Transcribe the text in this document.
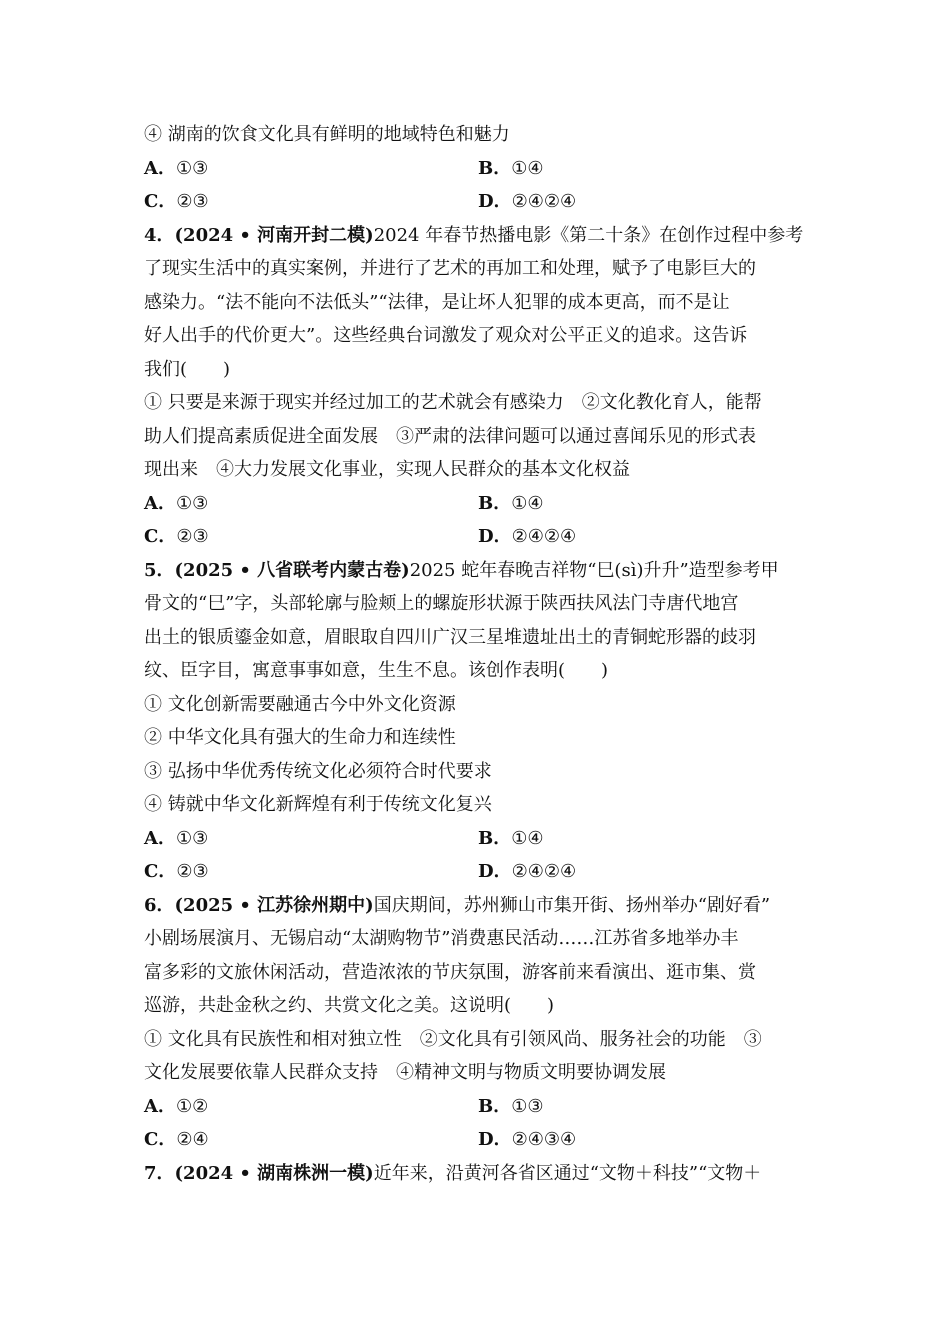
④ 湖南的饮食文化具有鲜明的地域特色和魅力
A．①③	B．①④
C．②③	D．②④②④
4．(2024 • 河南开封二模)2024 年春节热播电影《第二十条》在创作过程中参考
了现实生活中的真实案例，并进行了艺术的再加工和处理，赋予了电影巨大的
感染力。“法不能向不法低头”“法律，是让坏人犯罪的成本更高，而不是让
好人出手的代价更大”。这些经典台词激发了观众对公平正义的追求。这告诉
我们(　　)
① 只要是来源于现实并经过加工的艺术就会有感染力　②文化教化育人，能帮
助人们提高素质促进全面发展　③严肃的法律问题可以通过喜闻乐见的形式表
现出来　④大力发展文化事业，实现人民群众的基本文化权益
A．①③	B．①④
C．②③	D．②④②④
5．(2025 • 八省联考内蒙古卷)2025 蛇年春晚吉祥物“巳(sì)升升”造型参考甲
骨文的“巳”字，头部轮廓与脸颊上的螺旋形状源于陕西扶风法门寺唐代地宫
出土的银质鎏金如意，眉眼取自四川广汉三星堆遗址出土的青铜蛇形器的歧羽
纹、臣字目，寓意事事如意，生生不息。该创作表明(　　)
① 文化创新需要融通古今中外文化资源
② 中华文化具有强大的生命力和连续性
③ 弘扬中华优秀传统文化必须符合时代要求
④ 铸就中华文化新辉煌有利于传统文化复兴
A．①③	B．①④
C．②③	D．②④②④
6．(2025 • 江苏徐州期中)国庆期间，苏州狮山市集开街、扬州举办“剧好看”
小剧场展演月、无锡启动“太湖购物节”消费惠民活动……江苏省多地举办丰
富多彩的文旅休闲活动，营造浓浓的节庆氛围，游客前来看演出、逛市集、赏
巡游，共赴金秋之约、共赏文化之美。这说明(　　)
① 文化具有民族性和相对独立性　②文化具有引领风尚、服务社会的功能　③
文化发展要依靠人民群众支持　④精神文明与物质文明要协调发展
A．①②	B．①③
C．②④	D．②④③④
7．(2024 • 湖南株洲一模)近年来，沿黄河各省区通过“文物＋科技”“文物＋
